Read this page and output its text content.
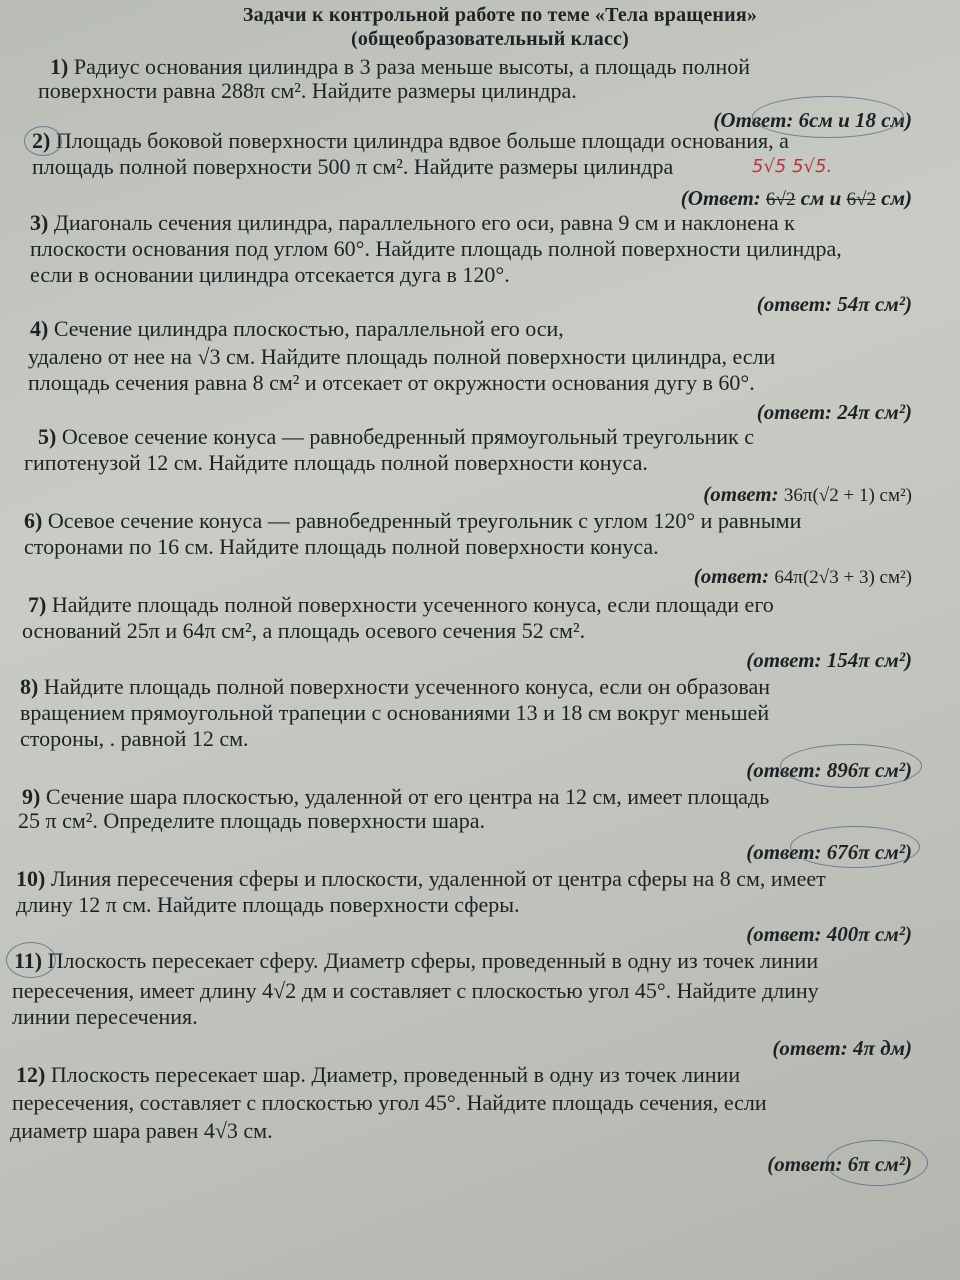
Задачи к контрольной работе по теме «Тела вращения»
(общеобразовательный класс)
1) Радиус основания цилиндра в 3 раза меньше высоты, а площадь полной
поверхности равна 288π см². Найдите размеры цилиндра.
(Ответ: 6см и 18 см)
2) Площадь боковой поверхности цилиндра вдвое больше площади основания, а
площадь полной поверхности 500 π см². Найдите размеры цилиндра	5√5 5√5.
(Ответ: 6√2 см и 6√2 см)
3) Диагональ сечения цилиндра, параллельного его оси, равна 9 см и наклонена к
плоскости основания под углом 60°. Найдите площадь полной поверхности цилиндра,
если в основании цилиндра отсекается дуга в 120°.
(ответ: 54π см²)
4) Сечение цилиндра плоскостью, параллельной его оси,
удалено от нее на √3 см. Найдите площадь полной поверхности цилиндра, если
площадь сечения равна 8 см² и отсекает от окружности основания дугу в 60°.
(ответ: 24π см²)
5) Осевое сечение конуса — равнобедренный прямоугольный треугольник с
гипотенузой 12 см. Найдите площадь полной поверхности конуса.
(ответ: 36π(√2 + 1) см²)
6) Осевое сечение конуса — равнобедренный треугольник с углом 120° и равными
сторонами по 16 см. Найдите площадь полной поверхности конуса.
(ответ: 64π(2√3 + 3) см²)
7) Найдите площадь полной поверхности усеченного конуса, если площади его
оснований 25π и 64π см², а площадь осевого сечения 52 см².
(ответ: 154π см²)
8) Найдите площадь полной поверхности усеченного конуса, если он образован
вращением прямоугольной трапеции с основаниями 13 и 18 см вокруг меньшей
стороны, . равной 12 см.
(ответ: 896π см²)
9) Сечение шара плоскостью, удаленной от его центра на 12 см, имеет площадь
25 π см². Определите площадь поверхности шара.
(ответ: 676π см²)
10) Линия пересечения сферы и плоскости, удаленной от центра сферы на 8 см, имеет
длину 12 π см. Найдите площадь поверхности сферы.
(ответ: 400π см²)
11) Плоскость пересекает сферу. Диаметр сферы, проведенный в одну из точек линии
пересечения, имеет длину 4√2 дм и составляет с плоскостью угол 45°. Найдите длину
линии пересечения.
(ответ: 4π дм)
12) Плоскость пересекает шар. Диаметр, проведенный в одну из точек линии
пересечения, составляет с плоскостью угол 45°. Найдите площадь сечения, если
диаметр шара равен 4√3 см.
(ответ: 6π см²)
